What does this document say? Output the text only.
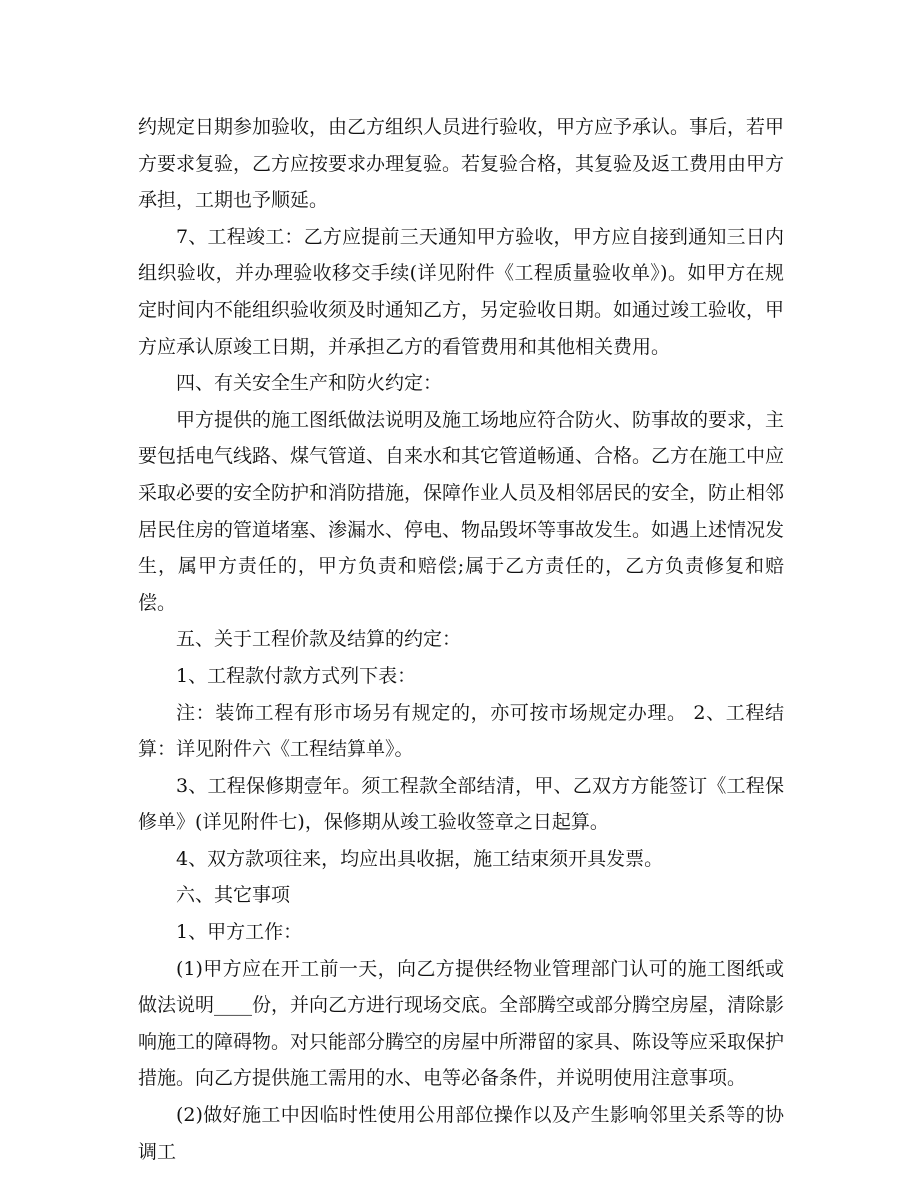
约规定日期参加验收，由乙方组织人员进行验收，甲方应予承认。事后，若甲方要求复验，乙方应按要求办理复验。若复验合格，其复验及返工费用由甲方承担，工期也予顺延。

7、工程竣工：乙方应提前三天通知甲方验收，甲方应自接到通知三日内组织验收，并办理验收移交手续(详见附件《工程质量验收单》)。如甲方在规定时间内不能组织验收须及时通知乙方，另定验收日期。如通过竣工验收，甲方应承认原竣工日期，并承担乙方的看管费用和其他相关费用。

四、有关安全生产和防火约定：

甲方提供的施工图纸做法说明及施工场地应符合防火、防事故的要求，主要包括电气线路、煤气管道、自来水和其它管道畅通、合格。乙方在施工中应采取必要的安全防护和消防措施，保障作业人员及相邻居民的安全，防止相邻居民住房的管道堵塞、渗漏水、停电、物品毁坏等事故发生。如遇上述情况发生，属甲方责任的，甲方负责和赔偿;属于乙方责任的，乙方负责修复和赔偿。

五、关于工程价款及结算的约定：

1、工程款付款方式列下表：

注：装饰工程有形市场另有规定的，亦可按市场规定办理。 2、工程结算：详见附件六《工程结算单》。

3、工程保修期壹年。须工程款全部结清，甲、乙双方方能签订《工程保修单》(详见附件七)，保修期从竣工验收签章之日起算。

4、双方款项往来，均应出具收据，施工结束须开具发票。

六、其它事项

1、甲方工作：

(1)甲方应在开工前一天，向乙方提供经物业管理部门认可的施工图纸或做法说明____份，并向乙方进行现场交底。全部腾空或部分腾空房屋，清除影响施工的障碍物。对只能部分腾空的房屋中所滞留的家具、陈设等应采取保护措施。向乙方提供施工需用的水、电等必备条件，并说明使用注意事项。

(2)做好施工中因临时性使用公用部位操作以及产生影响邻里关系等的协调工
